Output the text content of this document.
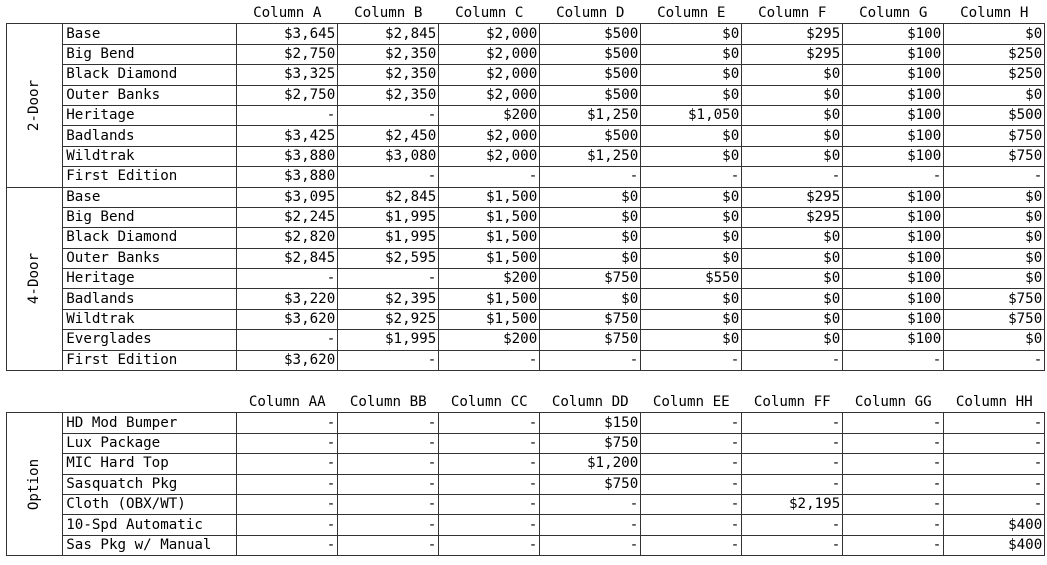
		Column A	Column B	Column C	Column D	Column E	Column F	Column G	Column H
2-Door	Base	$3,645	$2,845	$2,000	$500	$0	$295	$100	$0
	Big Bend	$2,750	$2,350	$2,000	$500	$0	$295	$100	$250
	Black Diamond	$3,325	$2,350	$2,000	$500	$0	$0	$100	$250
	Outer Banks	$2,750	$2,350	$2,000	$500	$0	$0	$100	$0
	Heritage	-	-	$200	$1,250	$1,050	$0	$100	$500
	Badlands	$3,425	$2,450	$2,000	$500	$0	$0	$100	$750
	Wildtrak	$3,880	$3,080	$2,000	$1,250	$0	$0	$100	$750
	First Edition	$3,880	-	-	-	-	-	-	-
4-Door	Base	$3,095	$2,845	$1,500	$0	$0	$295	$100	$0
	Big Bend	$2,245	$1,995	$1,500	$0	$0	$295	$100	$0
	Black Diamond	$2,820	$1,995	$1,500	$0	$0	$0	$100	$0
	Outer Banks	$2,845	$2,595	$1,500	$0	$0	$0	$100	$0
	Heritage	-	-	$200	$750	$550	$0	$100	$0
	Badlands	$3,220	$2,395	$1,500	$0	$0	$0	$100	$750
	Wildtrak	$3,620	$2,925	$1,500	$750	$0	$0	$100	$750
	Everglades	-	$1,995	$200	$750	$0	$0	$100	$0
	First Edition	$3,620	-	-	-	-	-	-	-
		Column AA	Column BB	Column CC	Column DD	Column EE	Column FF	Column GG	Column HH
Option	HD Mod Bumper	-	-	-	$150	-	-	-	-
	Lux Package	-	-	-	$750	-	-	-	-
	MIC Hard Top	-	-	-	$1,200	-	-	-	-
	Sasquatch Pkg	-	-	-	$750	-	-	-	-
	Cloth (OBX/WT)	-	-	-	-	-	$2,195	-	-
	10-Spd Automatic	-	-	-	-	-	-	-	$400
	Sas Pkg w/ Manual	-	-	-	-	-	-	-	$400
